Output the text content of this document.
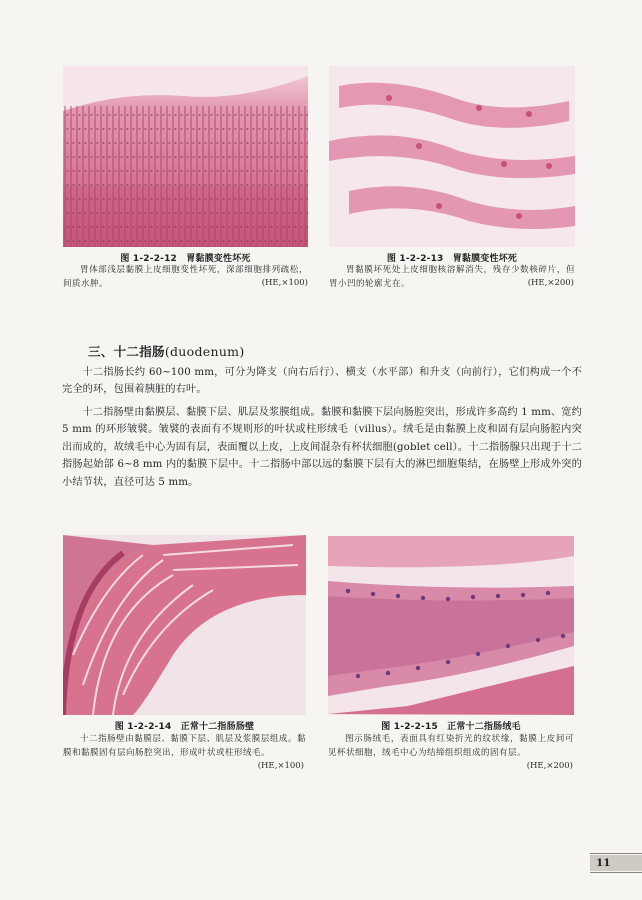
图 1-2-2-12　胃黏膜变性坏死
胃体部浅层黏膜上皮细胞变性坏死，深部细胞排列疏松，间质水肿。	(HE,×100)
图 1-2-2-13　胃黏膜变性坏死
胃黏膜坏死处上皮细胞核溶解消失，残存少数核碎片，但胃小凹的轮廓尤在。	(HE,×200)
三、十二指肠(duodenum)
十二指肠长约 60~100 mm，可分为降支（向右后行）、横支（水平部）和升支（向前行），它们构成一个不完全的环，包围着胰脏的右叶。
十二指肠壁由黏膜层、黏膜下层、肌层及浆膜组成。黏膜和黏膜下层向肠腔突出，形成许多高约 1 mm、宽约 5 mm 的环形皱襞。皱襞的表面有不规则形的叶状或柱形绒毛（villus）。绒毛是由黏膜上皮和固有层向肠腔内突出而成的，故绒毛中心为固有层，表面覆以上皮，上皮间混杂有杯状细胞(goblet cell）。十二指肠腺只出现于十二指肠起始部 6~8 mm 内的黏膜下层中。十二指肠中部以远的黏膜下层有大的淋巴细胞集结，在肠壁上形成外突的小结节状，直径可达 5 mm。
图 1-2-2-14　正常十二指肠肠壁
十二指肠壁由黏膜层、黏膜下层、肌层及浆膜层组成。黏膜和黏膜固有层向肠腔突出，形成叶状或柱形绒毛。
(HE,×100)
图 1-2-2-15　正常十二指肠绒毛
图示肠绒毛，表面具有红染折光的纹状缘，黏膜上皮间可见杯状细胞，绒毛中心为结缔组织组成的固有层。
(HE,×200)
11
